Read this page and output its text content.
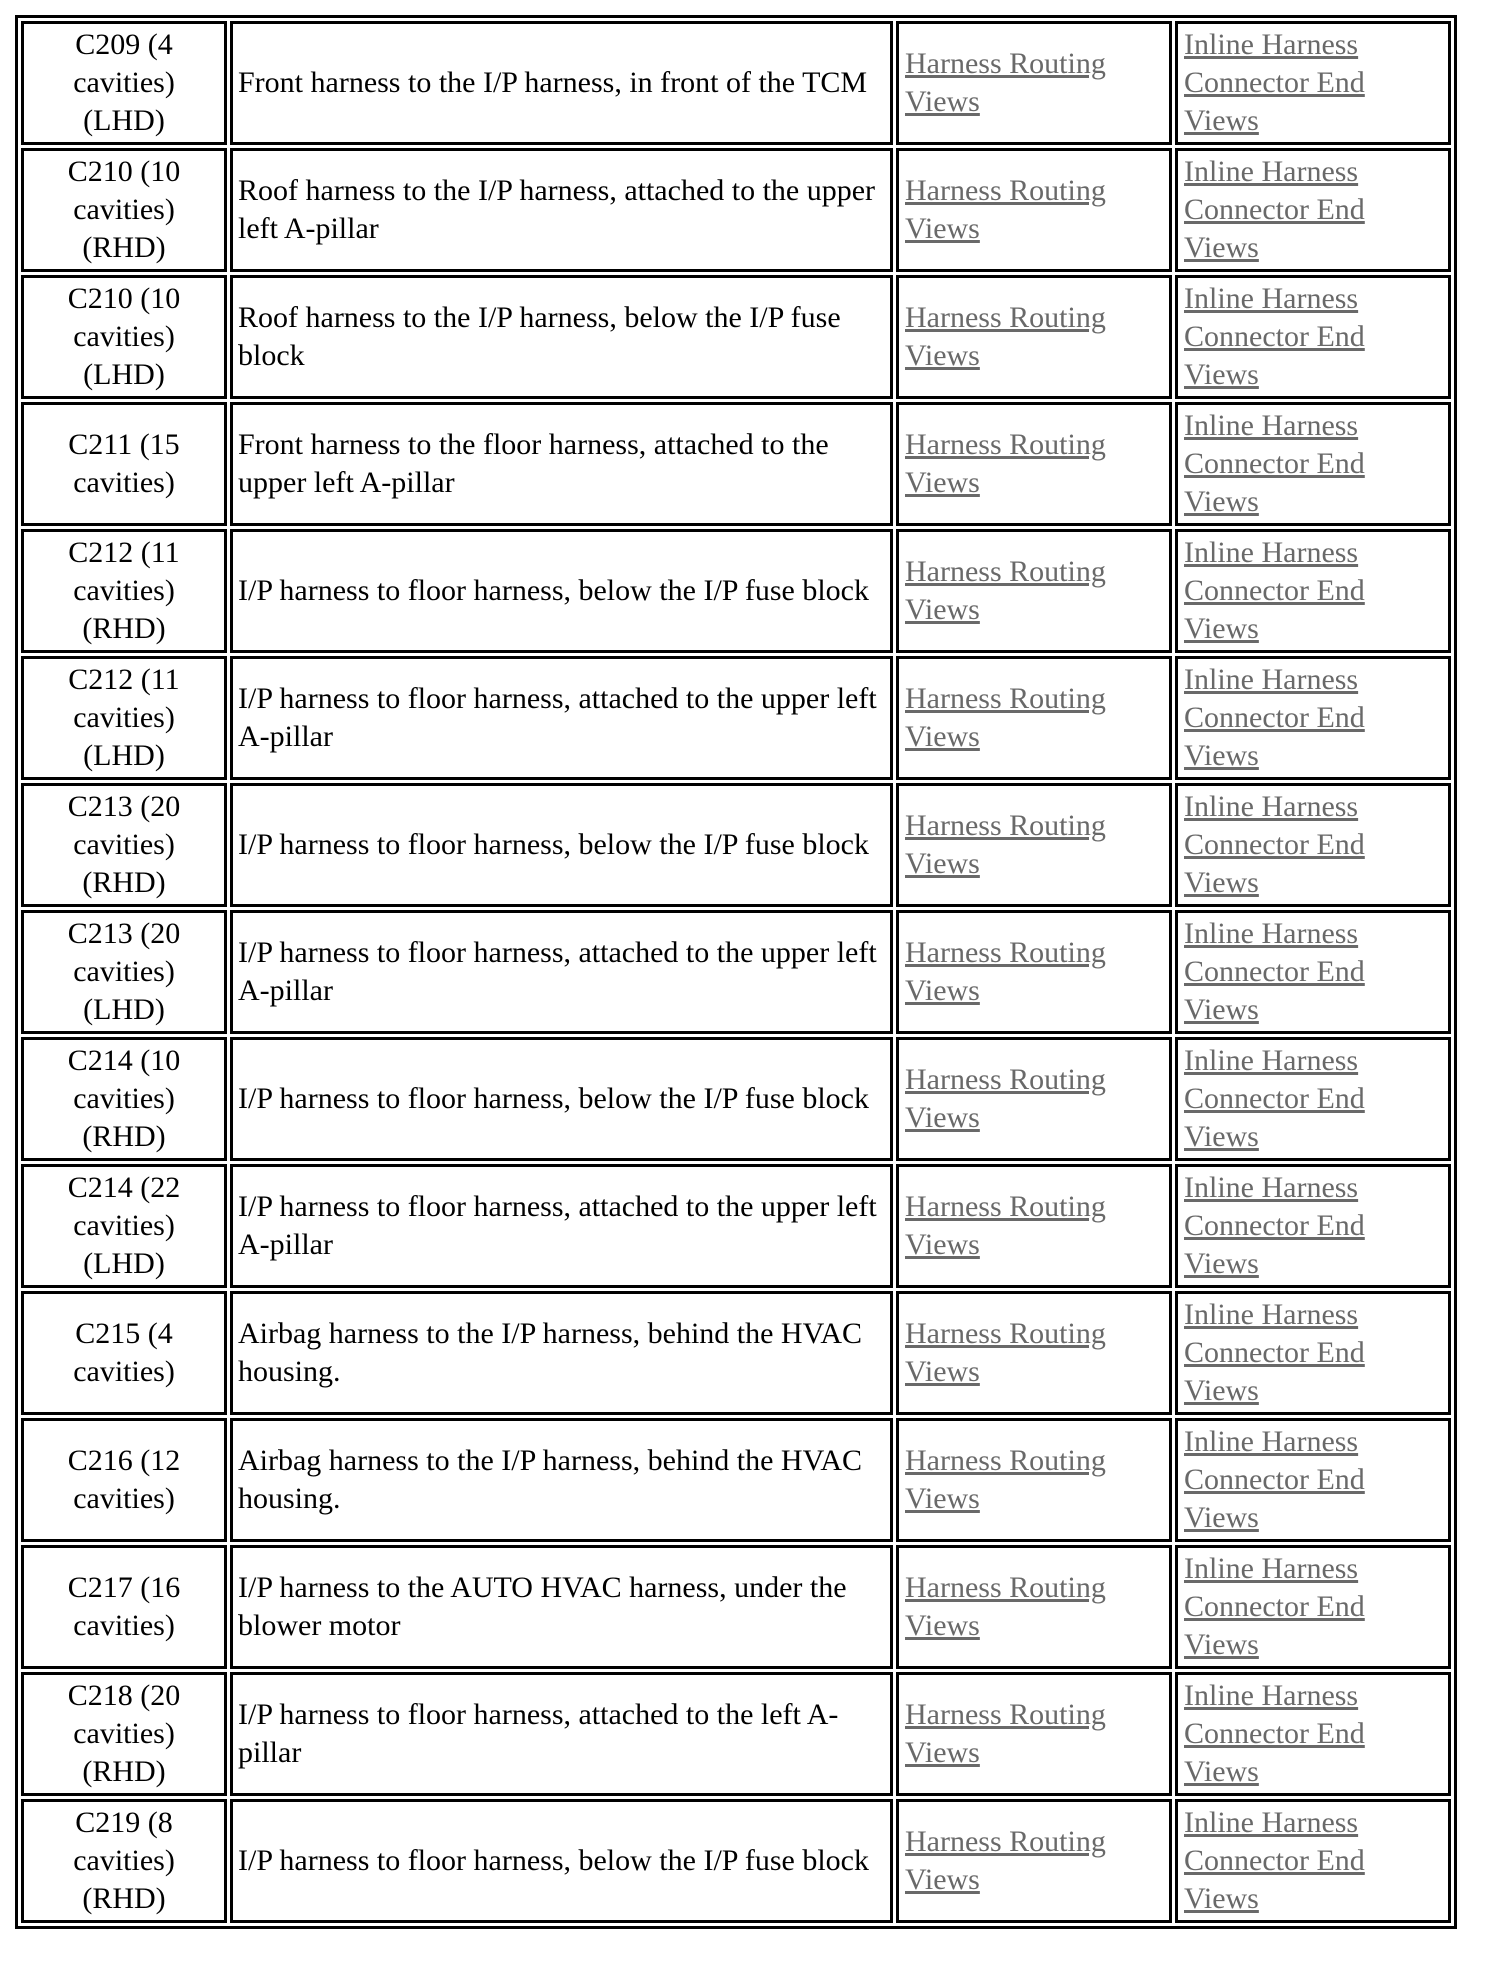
C209 (4 cavities) (LHD)	Front harness to the I/P harness, in front of the TCM	Harness Routing Views	Inline Harness Connector End Views
C210 (10 cavities) (RHD)	Roof harness to the I/P harness, attached to the upper left A-pillar	Harness Routing Views	Inline Harness Connector End Views
C210 (10 cavities) (LHD)	Roof harness to the I/P harness, below the I/P fuse block	Harness Routing Views	Inline Harness Connector End Views
C211 (15 cavities)	Front harness to the floor harness, attached to the upper left A-pillar	Harness Routing Views	Inline Harness Connector End Views
C212 (11 cavities) (RHD)	I/P harness to floor harness, below the I/P fuse block	Harness Routing Views	Inline Harness Connector End Views
C212 (11 cavities) (LHD)	I/P harness to floor harness, attached to the upper left A-pillar	Harness Routing Views	Inline Harness Connector End Views
C213 (20 cavities) (RHD)	I/P harness to floor harness, below the I/P fuse block	Harness Routing Views	Inline Harness Connector End Views
C213 (20 cavities) (LHD)	I/P harness to floor harness, attached to the upper left A-pillar	Harness Routing Views	Inline Harness Connector End Views
C214 (10 cavities) (RHD)	I/P harness to floor harness, below the I/P fuse block	Harness Routing Views	Inline Harness Connector End Views
C214 (22 cavities) (LHD)	I/P harness to floor harness, attached to the upper left A-pillar	Harness Routing Views	Inline Harness Connector End Views
C215 (4 cavities)	Airbag harness to the I/P harness, behind the HVAC housing.	Harness Routing Views	Inline Harness Connector End Views
C216 (12 cavities)	Airbag harness to the I/P harness, behind the HVAC housing.	Harness Routing Views	Inline Harness Connector End Views
C217 (16 cavities)	I/P harness to the AUTO HVAC harness, under the blower motor	Harness Routing Views	Inline Harness Connector End Views
C218 (20 cavities) (RHD)	I/P harness to floor harness, attached to the left A-pillar	Harness Routing Views	Inline Harness Connector End Views
C219 (8 cavities) (RHD)	I/P harness to floor harness, below the I/P fuse block	Harness Routing Views	Inline Harness Connector End Views
